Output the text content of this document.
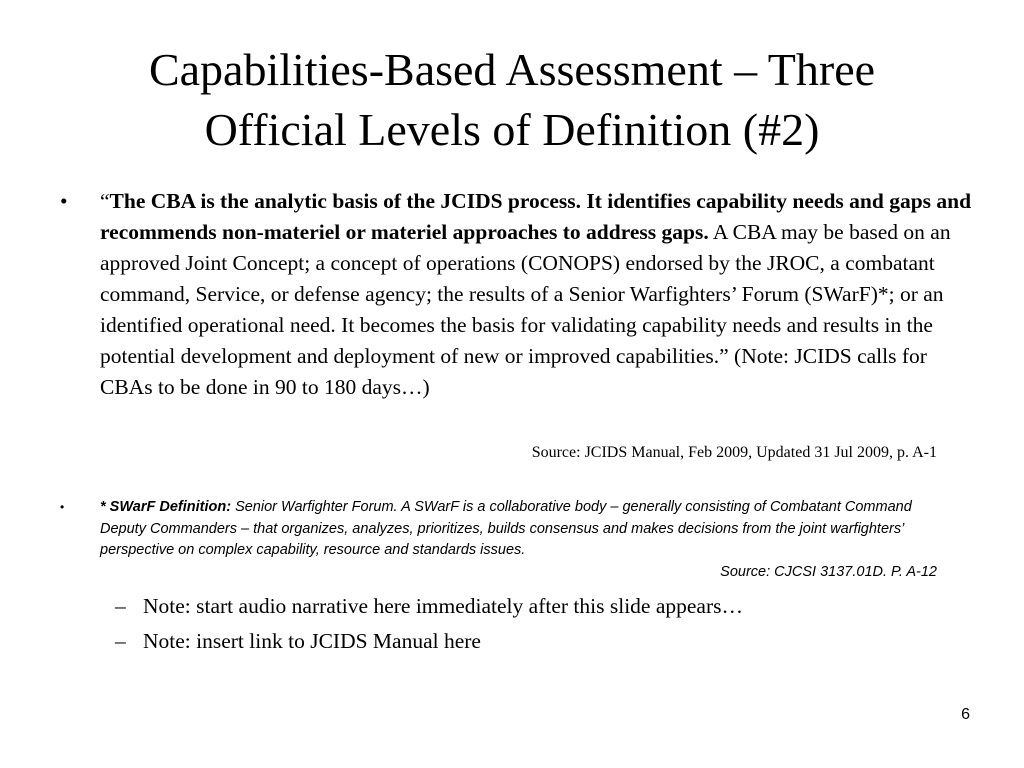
Capabilities-Based Assessment – Three
Official Levels of Definition (#2)
•	“The CBA is the analytic basis of the JCIDS process. It identifies capability needs and gaps and recommends non-materiel or materiel approaches to address gaps. A CBA may be based on an approved Joint Concept; a concept of operations (CONOPS) endorsed by the JROC, a combatant command, Service, or defense agency; the results of a Senior Warfighters’ Forum (SWarF)*; or an identified operational need. It becomes the basis for validating capability needs and results in the potential development and deployment of new or improved capabilities.” (Note: JCIDS calls for CBAs to be done in 90 to 180 days…)
Source: JCIDS Manual, Feb 2009, Updated 31 Jul 2009, p. A-1
•	* SWarF Definition: Senior Warfighter Forum. A SWarF is a collaborative body – generally consisting of Combatant Command Deputy Commanders – that organizes, analyzes, prioritizes, builds consensus and makes decisions from the joint warfighters’ perspective on complex capability, resource and standards issues.
Source: CJCSI 3137.01D. P. A-12
– Note: start audio narrative here immediately after this slide appears…
– Note: insert link to JCIDS Manual here
6
